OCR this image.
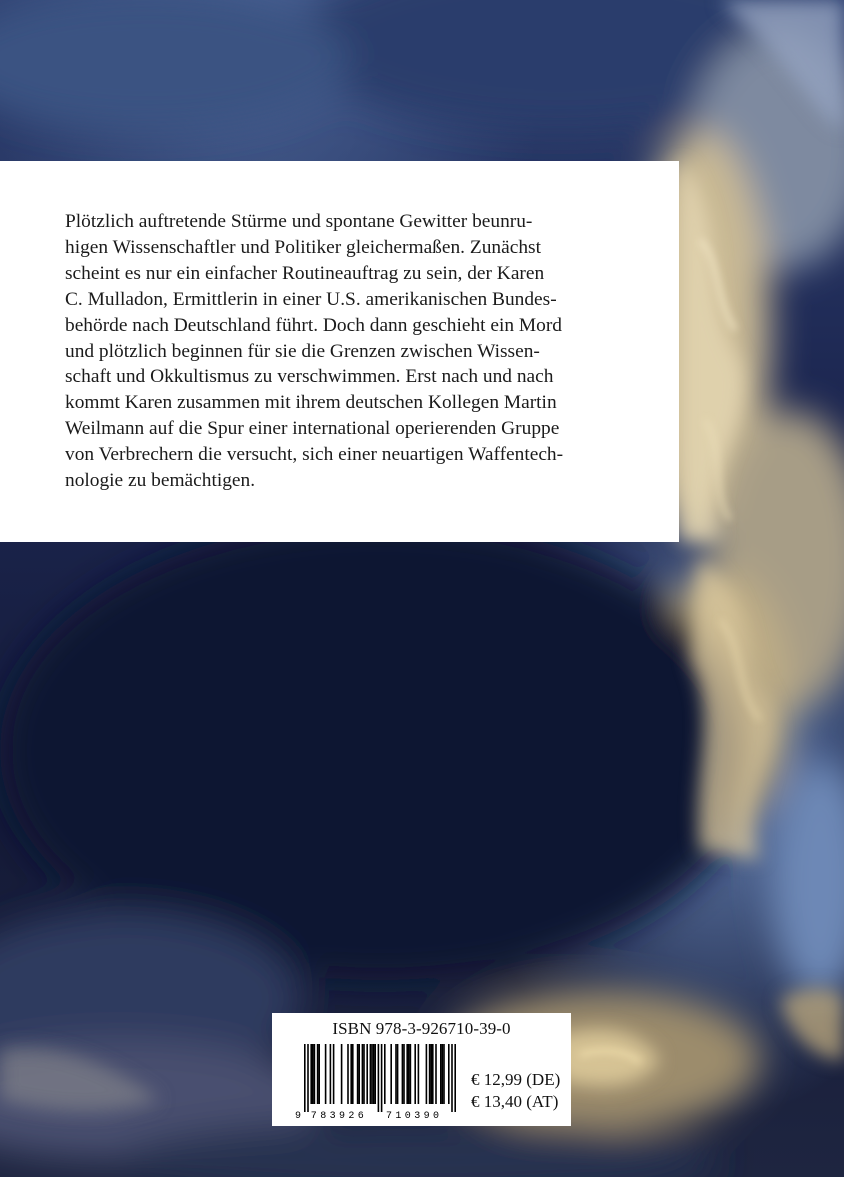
Plötzlich auftretende Stürme und spontane Gewitter beunru-
higen Wissenschaftler und Politiker gleichermaßen. Zunächst
scheint es nur ein einfacher Routineauftrag zu sein, der Karen
C. Mulladon, Ermittlerin in einer U.S. amerikanischen Bundes-
behörde nach Deutschland führt. Doch dann geschieht ein Mord
und plötzlich beginnen für sie die Grenzen zwischen Wissen-
schaft und Okkultismus zu verschwimmen. Erst nach und nach
kommt Karen zusammen mit ihrem deutschen Kollegen Martin
Weilmann auf die Spur einer international operierenden Gruppe
von Verbrechern die versucht, sich einer neuartigen Waffentech-
nologie zu bemächtigen.

ISBN 978-3-926710-39-0
9 783926 710390
€ 12,99 (DE)
€ 13,40 (AT)
